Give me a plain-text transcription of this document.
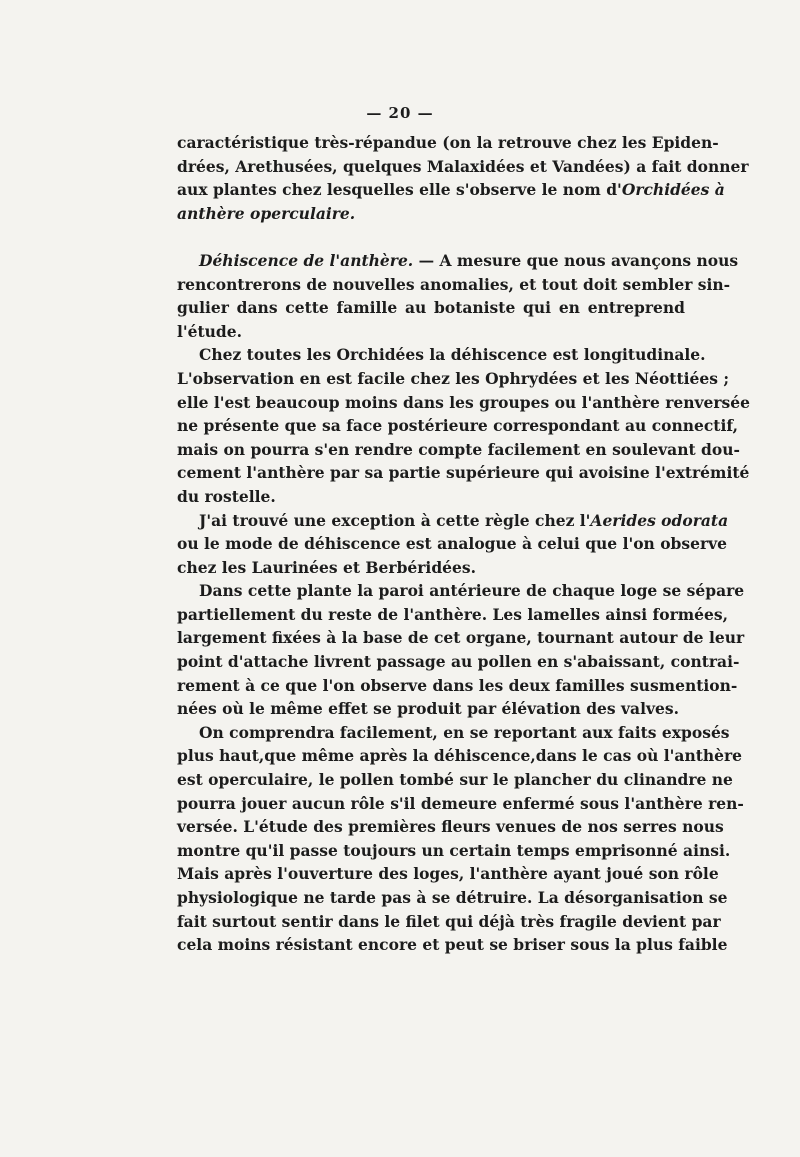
— 20 —
caractéristique très-répandue (on la retrouve chez les Epiden-
drées, Arethusées, quelques Malaxidées et Vandées) a fait donner
aux plantes chez lesquelles elle s'observe le nom d'Orchidées à
anthère operculaire.
Déhiscence de l'anthère. — A mesure que nous avançons nous
rencontrerons de nouvelles anomalies, et tout doit sembler sin-
gulier dans cette famille au botaniste qui en entreprend
l'étude.
Chez toutes les Orchidées la déhiscence est longitudinale.
L'observation en est facile chez les Ophrydées et les Néottiées ;
elle l'est beaucoup moins dans les groupes ou l'anthère renversée
ne présente que sa face postérieure correspondant au connectif,
mais on pourra s'en rendre compte facilement en soulevant dou-
cement l'anthère par sa partie supérieure qui avoisine l'extrémité
du rostelle.
J'ai trouvé une exception à cette règle chez l'Aerides odorata
ou le mode de déhiscence est analogue à celui que l'on observe
chez les Laurinées et Berbéridées.
Dans cette plante la paroi antérieure de chaque loge se sépare
partiellement du reste de l'anthère. Les lamelles ainsi formées,
largement fixées à la base de cet organe, tournant autour de leur
point d'attache livrent passage au pollen en s'abaissant, contrai-
rement à ce que l'on observe dans les deux familles susmention-
nées où le même effet se produit par élévation des valves.
On comprendra facilement, en se reportant aux faits exposés
plus haut,que même après la déhiscence,dans le cas où l'anthère
est operculaire, le pollen tombé sur le plancher du clinandre ne
pourra jouer aucun rôle s'il demeure enfermé sous l'anthère ren-
versée. L'étude des premières fleurs venues de nos serres nous
montre qu'il passe toujours un certain temps emprisonné ainsi.
Mais après l'ouverture des loges, l'anthère ayant joué son rôle
physiologique ne tarde pas à se détruire. La désorganisation se
fait surtout sentir dans le filet qui déjà très fragile devient par
cela moins résistant encore et peut se briser sous la plus faible
